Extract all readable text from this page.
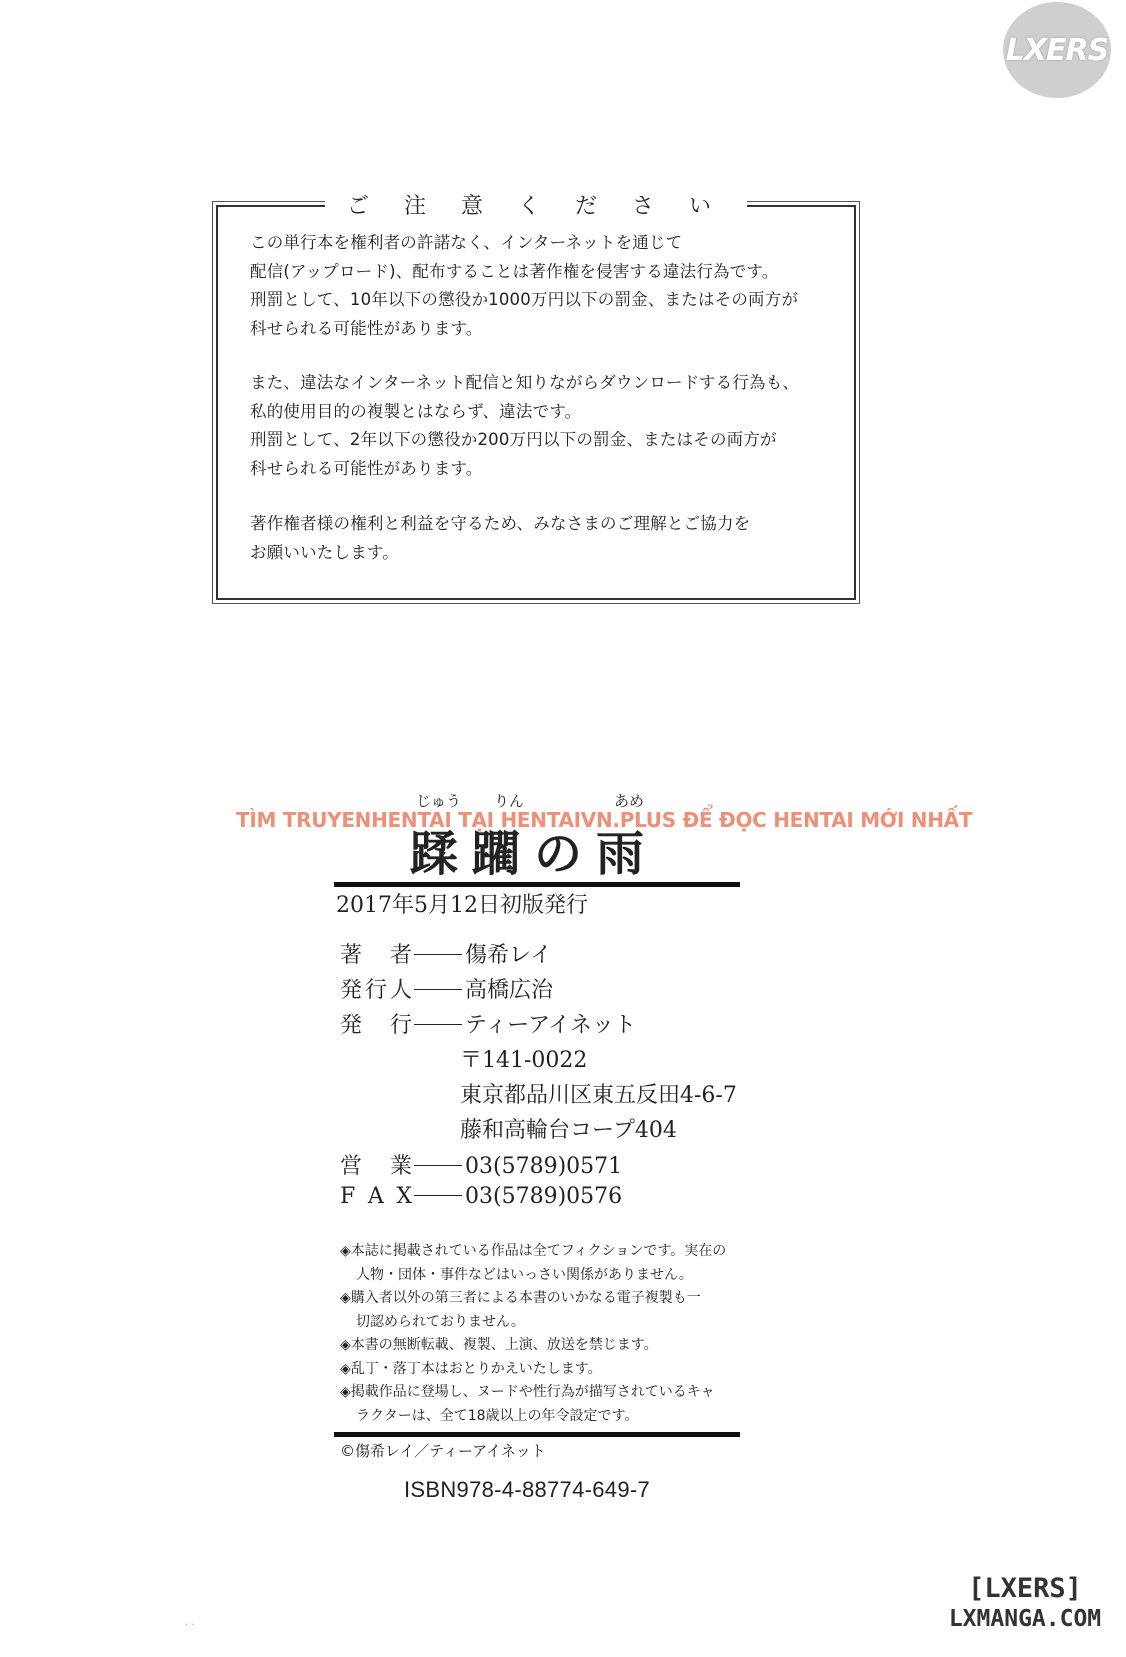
LXERS
ご 注 意 く だ さ い
この単行本を権利者の許諾なく、インターネットを通じて
配信(アップロード)、配布することは著作権を侵害する違法行為です。
刑罰として、10年以下の懲役か1000万円以下の罰金、またはその両方が
科せられる可能性があります。
また、違法なインターネット配信と知りながらダウンロードする行為も、
私的使用目的の複製とはならず、違法です。
刑罰として、2年以下の懲役か200万円以下の罰金、またはその両方が
科せられる可能性があります。
著作権者様の権利と利益を守るため、みなさまのご理解とご協力を
お願いいたします。
じゅう りん	あめ
蹂躙の雨
TÌM TRUYENHENTAI TẠI HENTAIVN.PLUS ĐỂ ĐỌC HENTAI MỚI NHẤT
2017年5月12日初版発行
著 者 傷希レイ
発行人 高橋広治
発 行 ティーアイネット
〒141-0022
東京都品川区東五反田4-6-7
藤和高輪台コープ404
営 業 03(5789)0571
F A X 03(5789)0576
◈本誌に掲載されている作品は全てフィクションです。実在の
人物・団体・事件などはいっさい関係がありません。
◈購入者以外の第三者による本書のいかなる電子複製も一
切認められておりません。
◈本書の無断転載、複製、上演、放送を禁じます。
◈乱丁・落丁本はおとりかえいたします。
◈掲載作品に登場し、ヌードや性行為が描写されているキャ
ラクターは、全て18歳以上の年令設定です。
©傷希レイ／ティーアイネット
ISBN978-4-88774-649-7
[LXERS]
LXMANGA.COM
· ·
